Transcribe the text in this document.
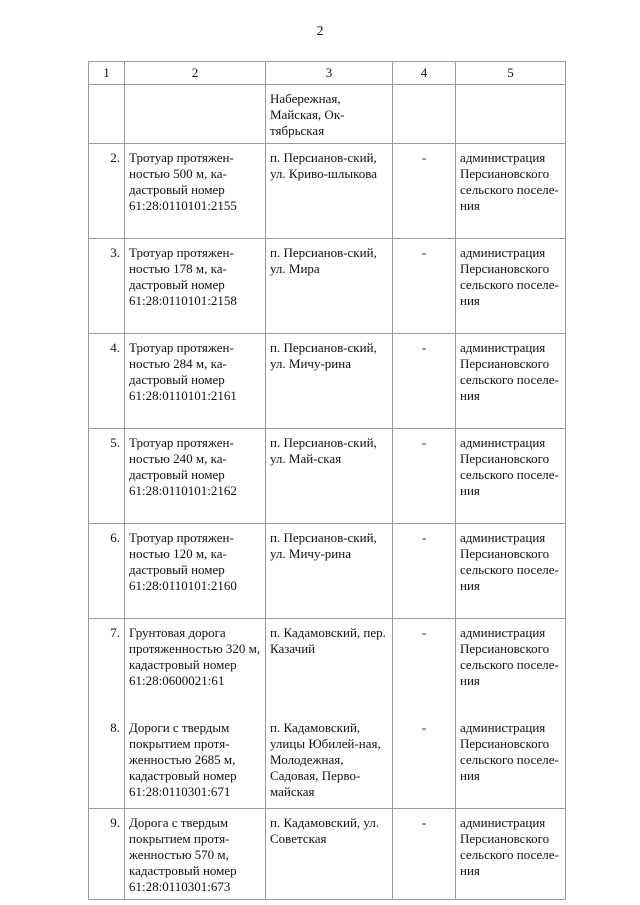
2
1	2	3	4	5
		Набережная, Майская, Ок-тябрьская		
2.	Тротуар протяжен-ностью 500 м, ка-дастровый номер 61:28:0110101:2155	п. Персианов-ский, ул. Криво-шлыкова	-	администрация Персиановского сельского поселе-ния
3.	Тротуар протяжен-ностью 178 м, ка-дастровый номер 61:28:0110101:2158	п. Персианов-ский, ул. Мира	-	администрация Персиановского сельского поселе-ния
4.	Тротуар протяжен-ностью 284 м, ка-дастровый номер 61:28:0110101:2161	п. Персианов-ский, ул. Мичу-рина	-	администрация Персиановского сельского поселе-ния
5.	Тротуар протяжен-ностью 240 м, ка-дастровый номер 61:28:0110101:2162	п. Персианов-ский, ул. Май-ская	-	администрация Персиановского сельского поселе-ния
6.	Тротуар протяжен-ностью 120 м, ка-дастровый номер 61:28:0110101:2160	п. Персианов-ский, ул. Мичу-рина	-	администрация Персиановского сельского поселе-ния
7.	Грунтовая дорога протяженностью 320 м, кадастровый номер 61:28:0600021:61	п. Кадамовский, пер. Казачий	-	администрация Персиановского сельского поселе-ния
8.	Дороги с твердым покрытием протя-женностью 2685 м, кадастровый номер 61:28:0110301:671	п. Кадамовский, улицы Юбилей-ная, Молодежная, Садовая, Перво-майская	-	администрация Персиановского сельского поселе-ния
9.	Дорога с твердым покрытием протя-женностью 570 м, кадастровый номер 61:28:0110301:673	п. Кадамовский, ул. Советская	-	администрация Персиановского сельского поселе-ния
